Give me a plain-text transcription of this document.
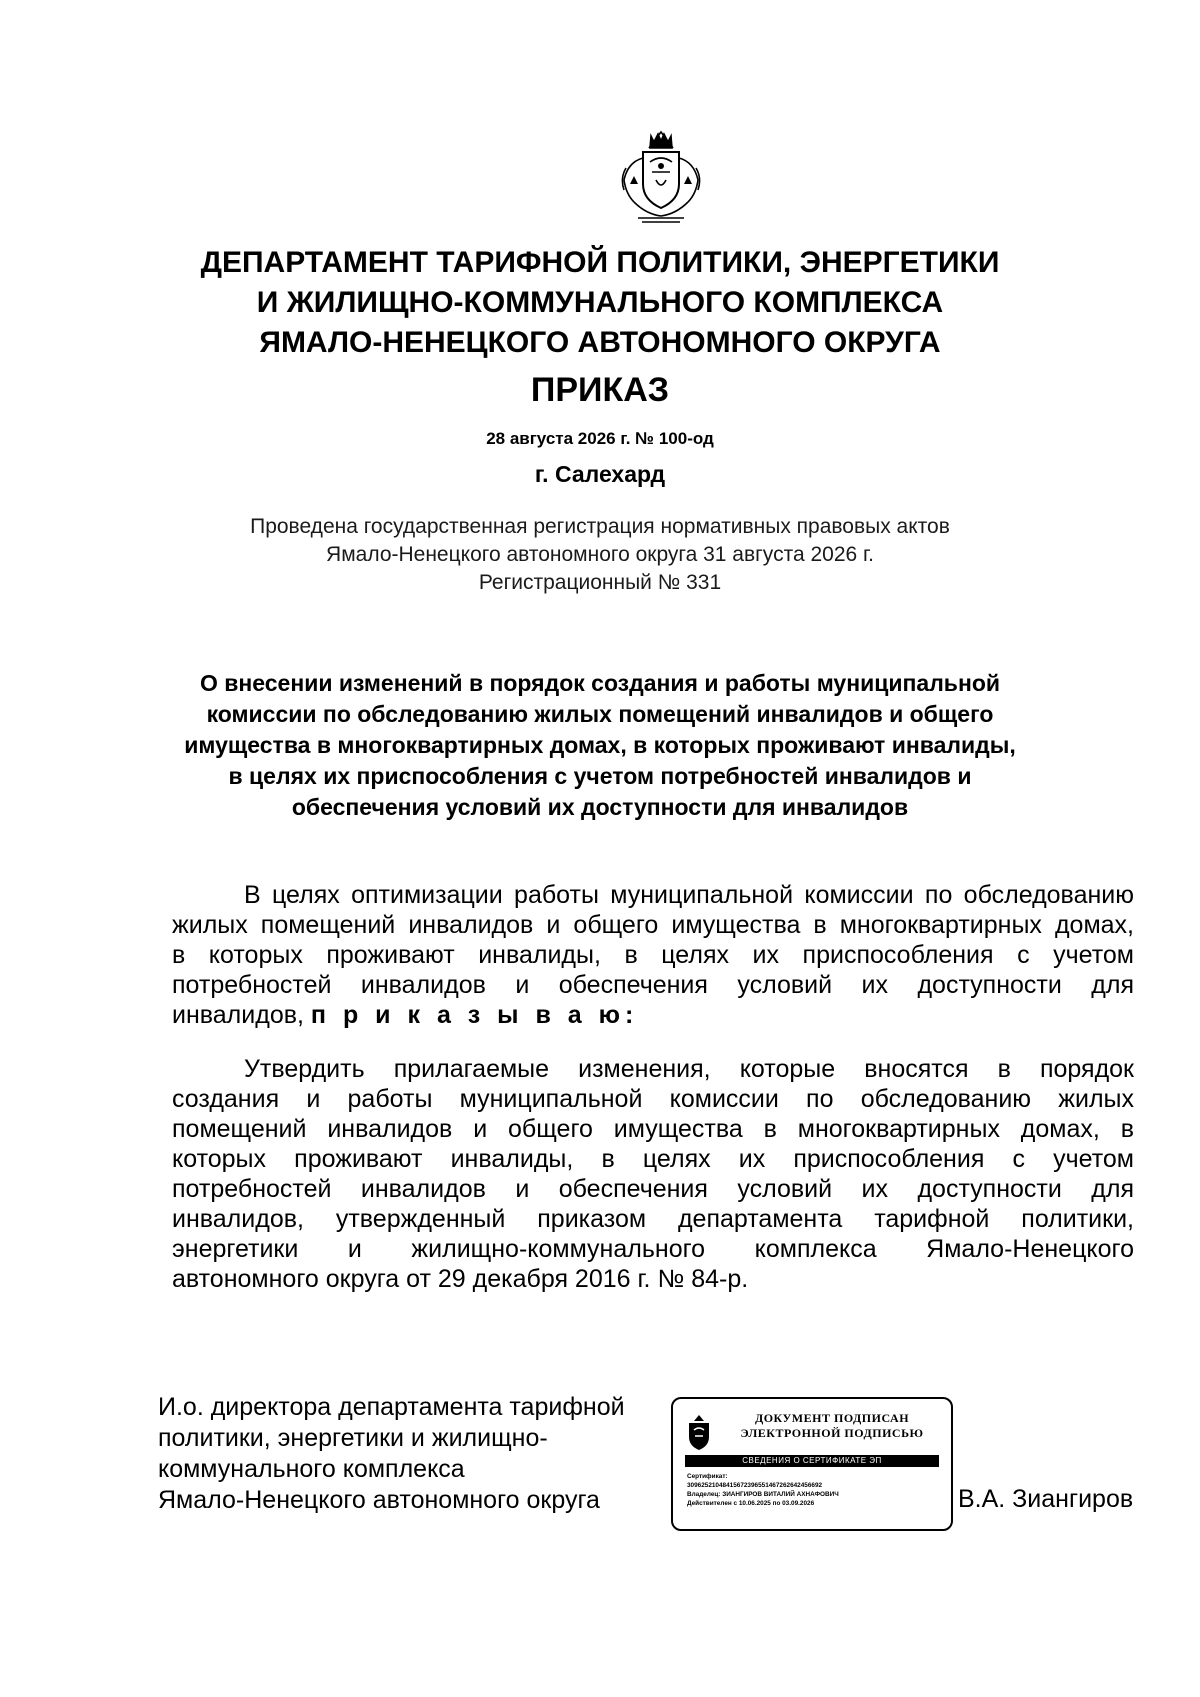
ДЕПАРТАМЕНТ ТАРИФНОЙ ПОЛИТИКИ, ЭНЕРГЕТИКИ
И ЖИЛИЩНО-КОММУНАЛЬНОГО КОМПЛЕКСА
ЯМАЛО-НЕНЕЦКОГО АВТОНОМНОГО ОКРУГА
ПРИКАЗ
28 августа 2026 г. № 100-од
г. Салехард
Проведена государственная регистрация нормативных правовых актов
Ямало-Ненецкого автономного округа 31 августа 2026 г.
Регистрационный № 331
О внесении изменений в порядок создания и работы муниципальной
комиссии по обследованию жилых помещений инвалидов и общего
имущества в многоквартирных домах, в которых проживают инвалиды,
в целях их приспособления с учетом потребностей инвалидов и
обеспечения условий их доступности для инвалидов
В целях оптимизации работы муниципальной комиссии по обследованию
жилых помещений инвалидов и общего имущества в многоквартирных домах,
в которых проживают инвалиды, в целях их приспособления с учетом
потребностей инвалидов и обеспечения условий их доступности для
инвалидов, п р и к а з ы в а ю:
Утвердить прилагаемые изменения, которые вносятся в порядок
создания и работы муниципальной комиссии по обследованию жилых
помещений инвалидов и общего имущества в многоквартирных домах, в
которых проживают инвалиды, в целях их приспособления с учетом
потребностей инвалидов и обеспечения условий их доступности для
инвалидов, утвержденный приказом департамента тарифной политики,
энергетики и жилищно-коммунального комплекса Ямало-Ненецкого
автономного округа от 29 декабря 2016 г. № 84-р.
И.о. директора департамента тарифной
политики, энергетики и жилищно-
коммунального комплекса
Ямало-Ненецкого автономного округа
ДОКУМЕНТ ПОДПИСАН
ЭЛЕКТРОННОЙ ПОДПИСЬЮ
СВЕДЕНИЯ О СЕРТИФИКАТЕ ЭП
Сертификат:
30962521048415672396551467262642456692
Владелец: ЗИАНГИРОВ ВИТАЛИЙ АХНАФОВИЧ
Действителен с 10.06.2025 по 03.09.2026	В.А. Зиангиров
